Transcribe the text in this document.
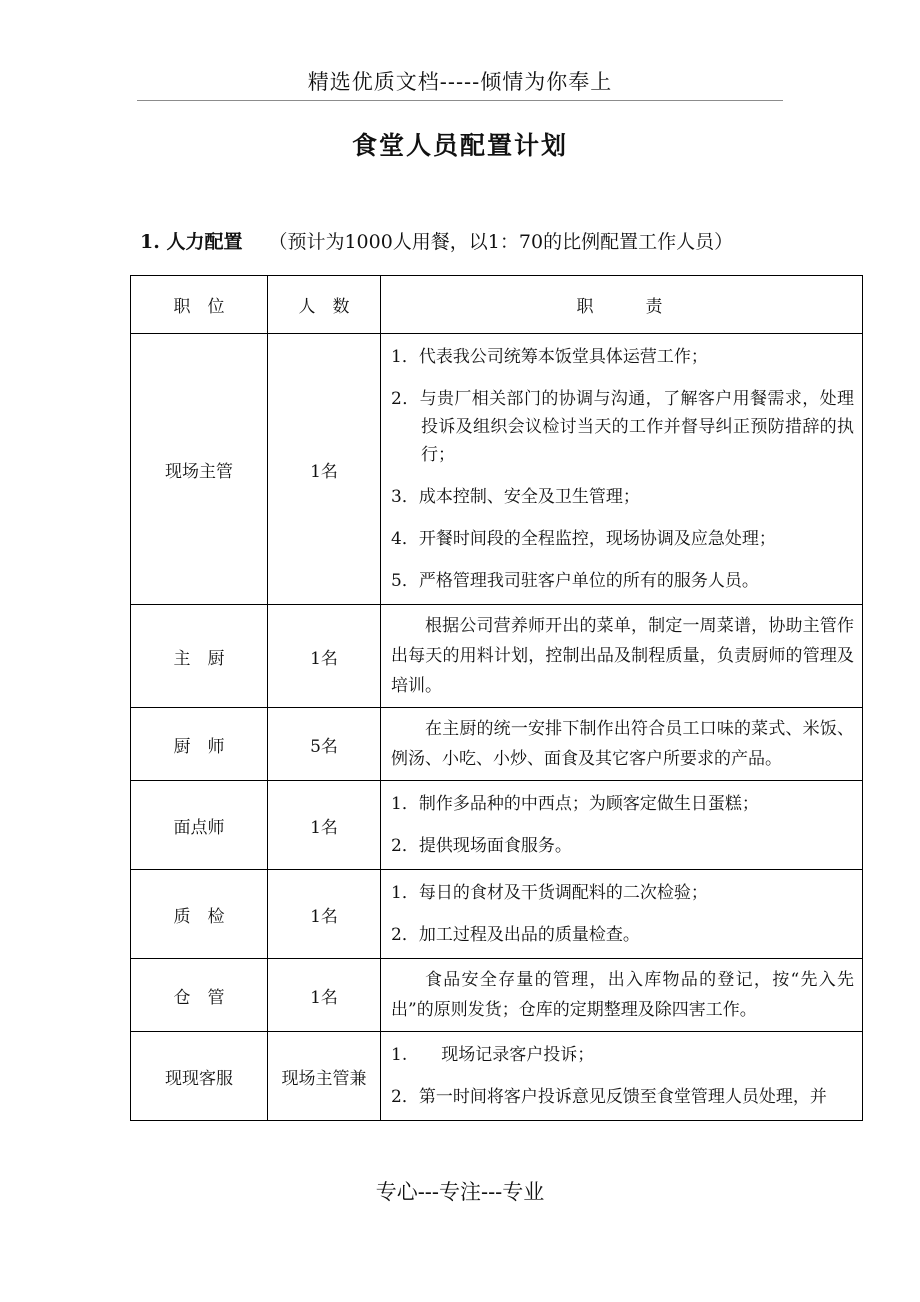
精选优质文档-----倾情为你奉上
食堂人员配置计划
1. 人力配置 （预计为1000人用餐，以1：70的比例配置工作人员）
职　位	人　数	职　　责
现场主管	1名	1．代表我公司统筹本饭堂具体运营工作；
2．与贵厂相关部门的协调与沟通，了解客户用餐需求，处理投诉及组织会议检讨当天的工作并督导纠正预防措辞的执行；
3．成本控制、安全及卫生管理；
4．开餐时间段的全程监控，现场协调及应急处理；
5．严格管理我司驻客户单位的所有的服务人员。

主　厨	1名	根据公司营养师开出的菜单，制定一周菜谱，协助主管作出每天的用料计划，控制出品及制程质量，负责厨师的管理及培训。

厨　师	5名	在主厨的统一安排下制作出符合员工口味的菜式、米饭、例汤、小吃、小炒、面食及其它客户所要求的产品。

面点师	1名	1．制作多品种的中西点；为顾客定做生日蛋糕；
2．提供现场面食服务。

质　检	1名	1．每日的食材及干货调配料的二次检验；
2．加工过程及出品的质量检查。

仓　管	1名	食品安全存量的管理，出入库物品的登记，按“先入先出”的原则发货；仓库的定期整理及除四害工作。

现现客服	现场主管兼	1.　　现场记录客户投诉；
2．第一时间将客户投诉意见反馈至食堂管理人员处理，并
专心---专注---专业
